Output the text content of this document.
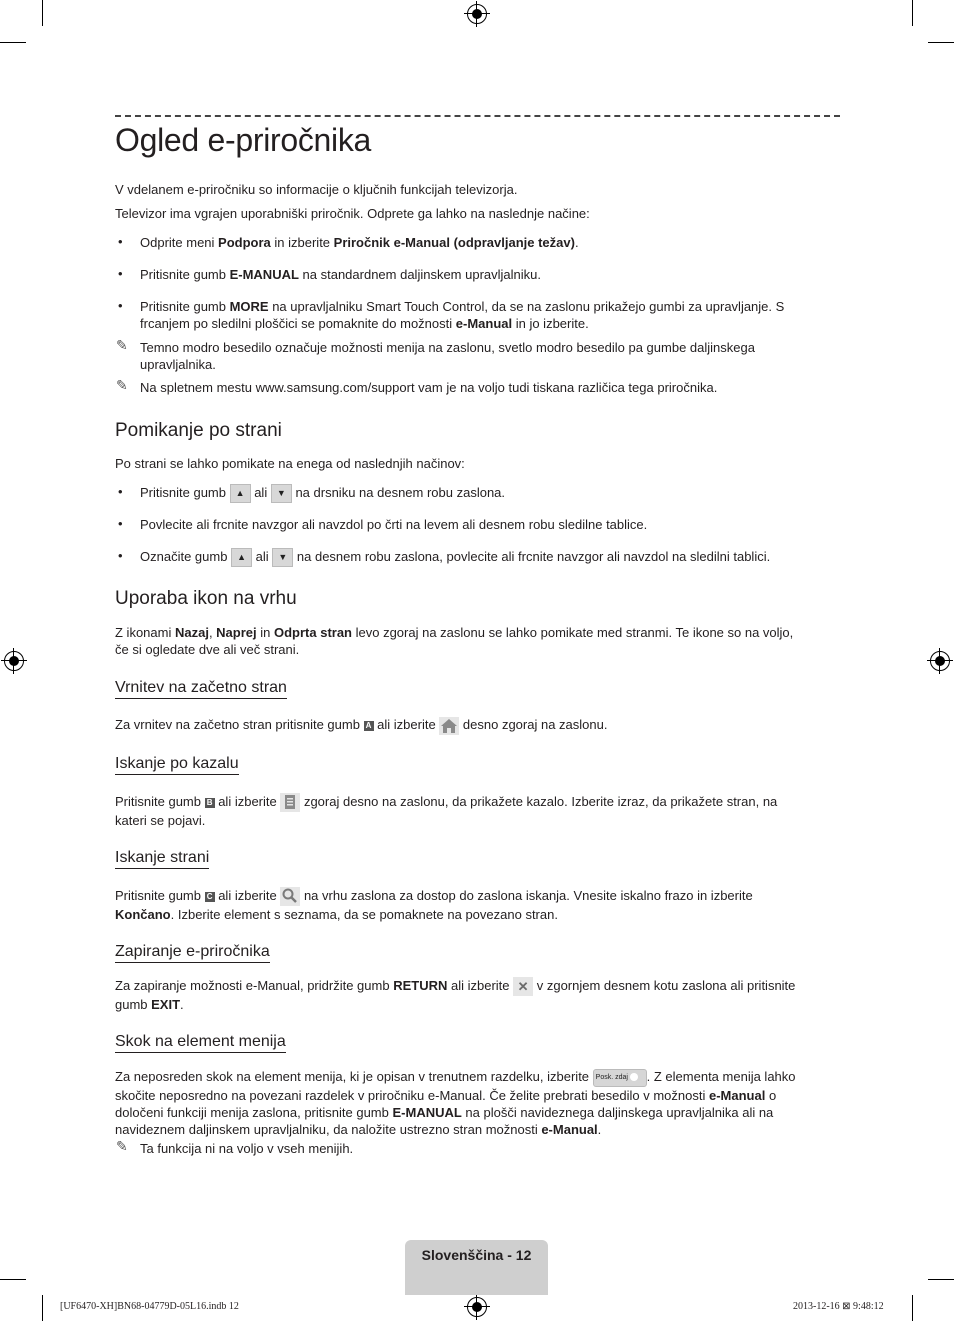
Ogled e-priročnika

V vdelanem e-priročniku so informacije o ključnih funkcijah televizorja.

Televizor ima vgrajen uporabniški priročnik. Odprete ga lahko na naslednje načine:

• Odprite meni Podpora in izberite Priročnik e-Manual (odpravljanje težav).

• Pritisnite gumb E-MANUAL na standardnem daljinskem upravljalniku.

• Pritisnite gumb MORE na upravljalniku Smart Touch Control, da se na zaslonu prikažejo gumbi za upravljanje. S
frcanjem po sledilni ploščici se pomaknite do možnosti e-Manual in jo izberite.

✎ Temno modro besedilo označuje možnosti menija na zaslonu, svetlo modro besedilo pa gumbe daljinskega
upravljalnika.

✎ Na spletnem mestu www.samsung.com/support vam je na voljo tudi tiskana različica tega priročnika.

Pomikanje po strani

Po strani se lahko pomikate na enega od naslednjih načinov:

• Pritisnite gumb ▲ ali ▼ na drsniku na desnem robu zaslona.

• Povlecite ali frcnite navzgor ali navzdol po črti na levem ali desnem robu sledilne tablice.

• Označite gumb ▲ ali ▼ na desnem robu zaslona, povlecite ali frcnite navzgor ali navzdol na sledilni tablici.

Uporaba ikon na vrhu

Z ikonami Nazaj, Naprej in Odprta stran levo zgoraj na zaslonu se lahko pomikate med stranmi. Te ikone so na voljo,
če si ogledate dve ali več strani.

Vrnitev na začetno stran

Za vrnitev na začetno stran pritisnite gumb A ali izberite  desno zgoraj na zaslonu.

Iskanje po kazalu

Pritisnite gumb B ali izberite  zgoraj desno na zaslonu, da prikažete kazalo. Izberite izraz, da prikažete stran, na
kateri se pojavi.

Iskanje strani

Pritisnite gumb C ali izberite  na vrhu zaslona za dostop do zaslona iskanja. Vnesite iskalno frazo in izberite
Končano. Izberite element s seznama, da se pomaknete na povezano stran.

Zapiranje e-priročnika

Za zapiranje možnosti e-Manual, pridržite gumb RETURN ali izberite ✕ v zgornjem desnem kotu zaslona ali pritisnite
gumb EXIT.

Skok na element menija

Za neposreden skok na element menija, ki je opisan v trenutnem razdelku, izberite Posk. zdaj . Z elementa menija lahko
skočite neposredno na povezani razdelek v priročniku e-Manual. Če želite prebrati besedilo v možnosti e-Manual o
določeni funkciji menija zaslona, pritisnite gumb E-MANUAL na plošči navideznega daljinskega upravljalnika ali na
navideznem daljinskem upravljalniku, da naložite ustrezno stran možnosti e-Manual.

✎ Ta funkcija ni na voljo v vseh menijih.

Slovenščina - 12
[UF6470-XH]BN68-04779D-05L16.indb 12	2013-12-16 ⊠ 9:48:12
